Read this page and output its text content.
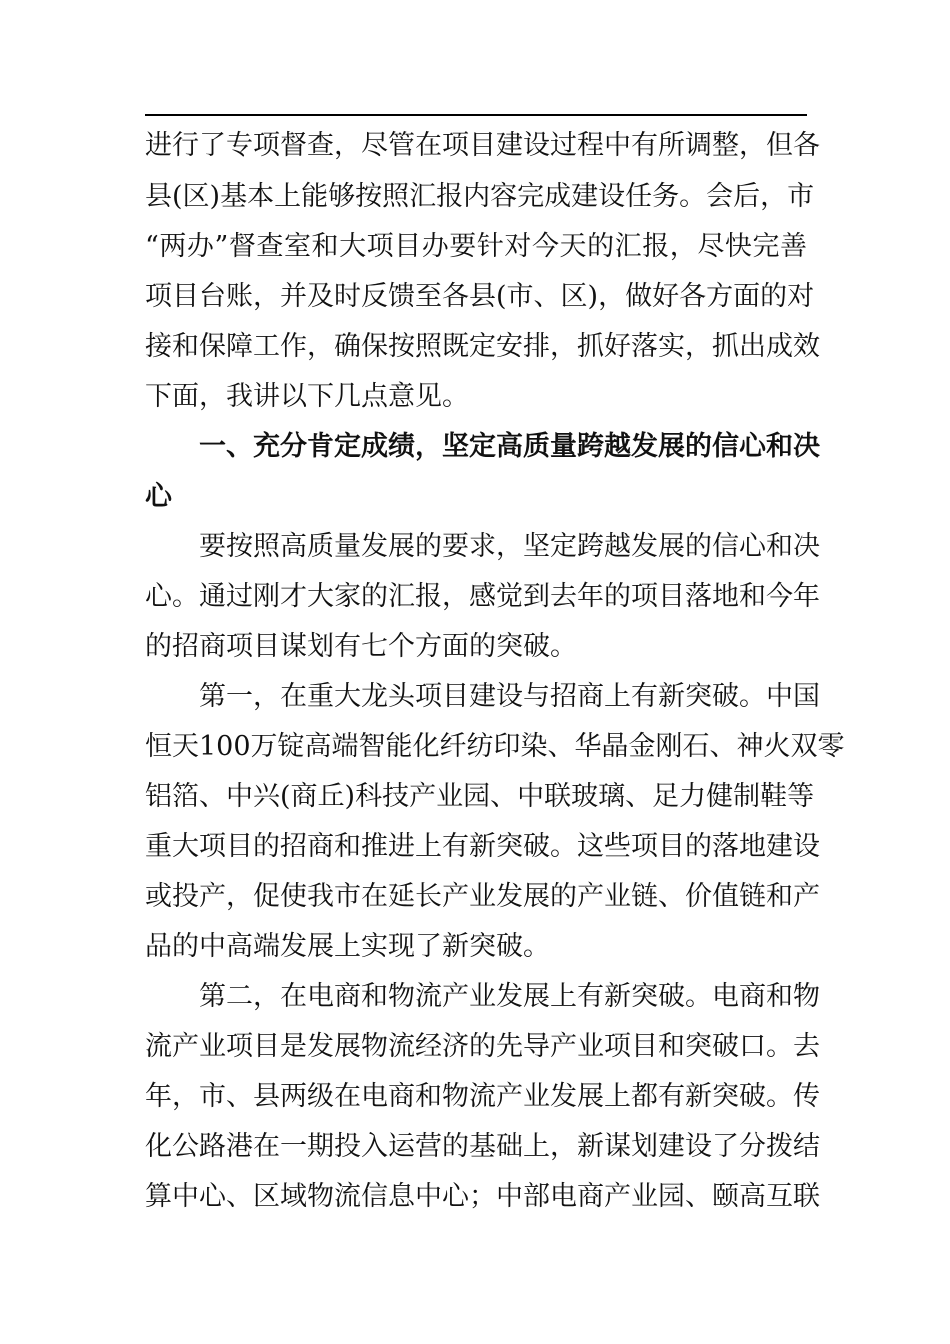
进行了专项督查，尽管在项目建设过程中有所调整，但各
县(区)基本上能够按照汇报内容完成建设任务。会后，市
“两办”督查室和大项目办要针对今天的汇报，尽快完善
项目台账，并及时反馈至各县(市、区)，做好各方面的对
接和保障工作，确保按照既定安排，抓好落实，抓出成效
下面，我讲以下几点意见。
一、充分肯定成绩，坚定高质量跨越发展的信心和决
心
要按照高质量发展的要求，坚定跨越发展的信心和决
心。通过刚才大家的汇报，感觉到去年的项目落地和今年
的招商项目谋划有七个方面的突破。
第一，在重大龙头项目建设与招商上有新突破。中国
恒天100万锭高端智能化纤纺印染、华晶金刚石、神火双零
铝箔、中兴(商丘)科技产业园、中联玻璃、足力健制鞋等
重大项目的招商和推进上有新突破。这些项目的落地建设
或投产，促使我市在延长产业发展的产业链、价值链和产
品的中高端发展上实现了新突破。
第二，在电商和物流产业发展上有新突破。电商和物
流产业项目是发展物流经济的先导产业项目和突破口。去
年，市、县两级在电商和物流产业发展上都有新突破。传
化公路港在一期投入运营的基础上，新谋划建设了分拨结
算中心、区域物流信息中心；中部电商产业园、颐高互联
